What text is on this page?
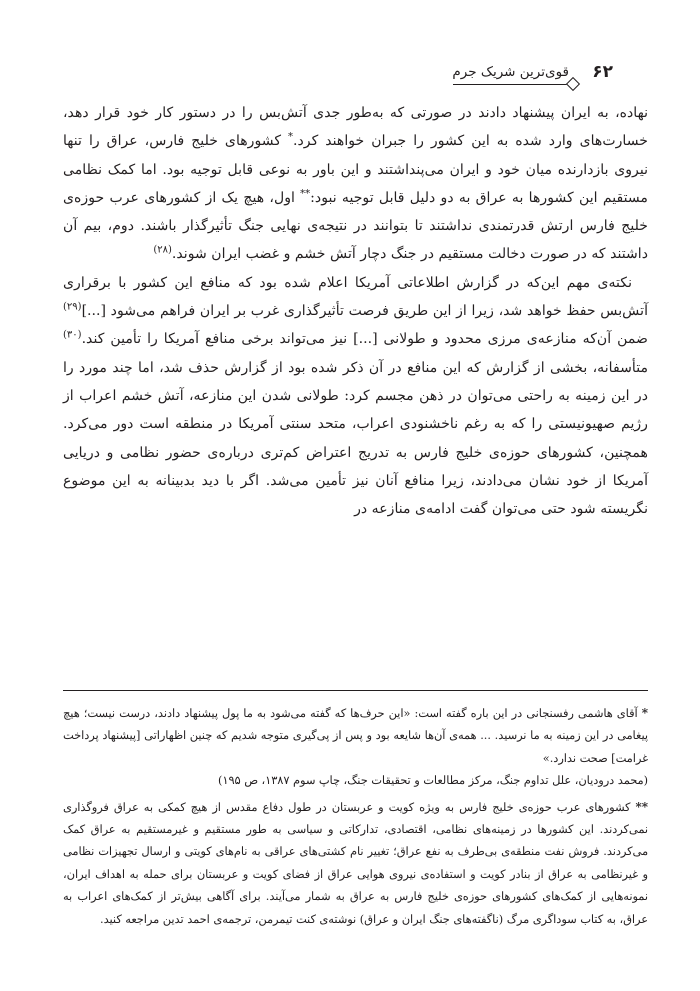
۶۲
قوی‌ترین شریک جرم

نهاده، به ایران پیشنهاد دادند در صورتی که به‌طور جدی آتش‌بس را در دستور کار خود قرار دهد، خسارت‌های وارد شده به این کشور را جبران خواهند کرد.* کشورهای خلیج فارس، عراق را تنها نیروی بازدارنده میان خود و ایران می‌پنداشتند و این باور به نوعی قابل توجیه بود. اما کمک نظامی مستقیم این کشورها به عراق به دو دلیل قابل توجیه نبود:** اول، هیچ یک از کشورهای عرب حوزه‌ی خلیج فارس ارتش قدرتمندی نداشتند تا بتوانند در نتیجه‌ی نهایی جنگ تأثیرگذار باشند. دوم، بیم آن داشتند که در صورت دخالت مستقیم در جنگ دچار آتش خشم و غضب ایران شوند.$^{(۲۸)}$

نکته‌ی مهم این‌که در گزارش اطلاعاتی آمریکا اعلام شده بود که منافع این کشور با برقراری آتش‌بس حفظ خواهد شد، زیرا از این طریق فرصت تأثیرگذاری غرب بر ایران فراهم می‌شود [...]$^{(۲۹)}$ ضمن آن‌که منازعه‌ی مرزی محدود و طولانی [...] نیز می‌تواند برخی منافع آمریکا را تأمین کند.$^{(۳۰)}$ متأسفانه، بخشی از گزارش که این منافع در آن ذکر شده بود از گزارش حذف شد، اما چند مورد را در این زمینه به راحتی می‌توان در ذهن مجسم کرد: طولانی شدن این منازعه، آتش خشم اعراب از رژیم صهیونیستی را که به رغم ناخشنودی اعراب، متحد سنتی آمریکا در منطقه است دور می‌کرد. همچنین، کشورهای حوزه‌ی خلیج فارس به تدریج اعتراض کم‌تری درباره‌ی حضور نظامی و دریایی آمریکا از خود نشان می‌دادند، زیرا منافع آنان نیز تأمین می‌شد. اگر با دید بدبینانه به این موضوع نگریسته شود حتی می‌توان گفت ادامه‌ی منازعه در

* آقای هاشمی رفسنجانی در این باره گفته است: «این حرف‌ها که گفته می‌شود به ما پول پیشنهاد دادند، درست نیست؛ هیچ پیغامی در این زمینه به ما نرسید. ... همه‌ی آن‌ها شایعه بود و پس از پی‌گیری متوجه شدیم که چنین اظهاراتی [پیشنهاد پرداخت غرامت] صحت ندارد.»

(محمد درودیان، علل تداوم جنگ، مرکز مطالعات و تحقیقات جنگ، چاپ سوم ۱۳۸۷، ص ۱۹۵)

** کشورهای عرب حوزه‌ی خلیج فارس به ویژه کویت و عربستان در طول دفاع مقدس از هیچ کمکی به عراق فروگذاری نمی‌کردند. این کشورها در زمینه‌های نظامی، اقتصادی، تدارکاتی و سیاسی به طور مستقیم و غیرمستقیم به عراق کمک می‌کردند. فروش نفت منطقه‌ی بی‌طرف به نفع عراق؛ تغییر نام کشتی‌های عراقی به نام‌های کویتی و ارسال تجهیزات نظامی و غیرنظامی به عراق از بنادر کویت و استفاده‌ی نیروی هوایی عراق از فضای کویت و عربستان برای حمله به اهداف ایران، نمونه‌هایی از کمک‌های کشورهای حوزه‌ی خلیج فارس به عراق به شمار می‌آیند. برای آگاهی بیش‌تر از کمک‌های اعراب به عراق، به کتاب سوداگری مرگ (ناگفته‌های جنگ ایران و عراق) نوشته‌ی کنت تیمرمن، ترجمه‌ی احمد تدین مراجعه کنید.
